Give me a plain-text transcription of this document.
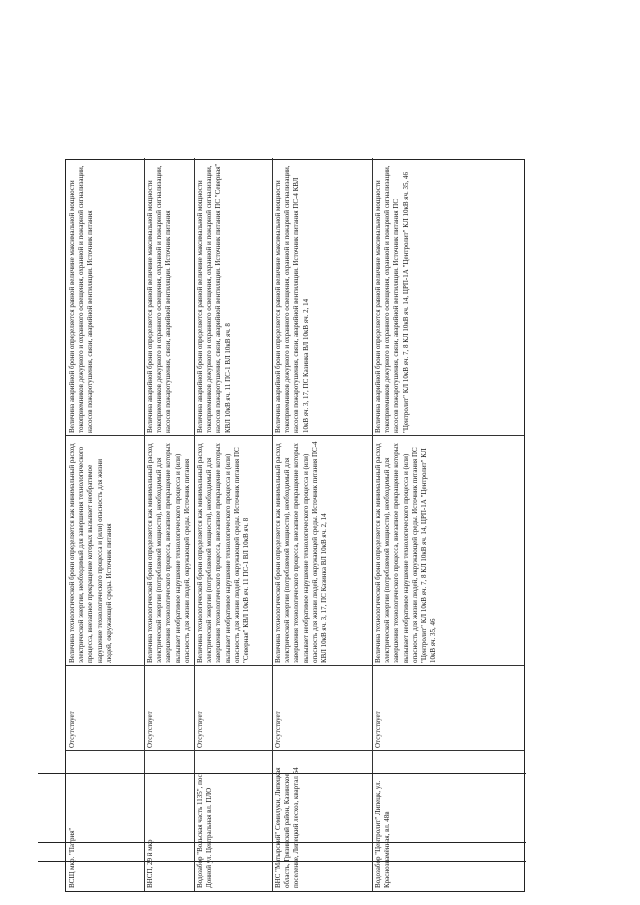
ВСЩ мкр. "Патрия"
Отсутствует
Величина технологической брони определяется как минимальный расход электрической энергии, необходимый для завершения технологического процесса, внезапное прекращение которых вызывает необратимое нарушение технологического процесса и (или) опасность для жизни людей, окружающей среды. Источник питания
Величина аварийной брони определяется равной величине максимальной мощности токоприемников дежурного и охранного освещения, охранной и пожарной сигнализации, насосов пожаротушения, связи, аварийной вентиляции. Источник питания
ВНСП, 29 й мкр
Отсутствует
Величина технологической брони определяется как минимальный расход электрической энергии (потребляемой мощности), необходимый для завершения технологического процесса, внезапное прекращение которых вызывает необратимое нарушение технологического процесса и (или) опасность для жизни людей, окружающей среды. Источник питания
Величина аварийной брони определяется равной величине максимальной мощности токоприемников дежурного и охранного освещения, охранной и пожарной сигнализации, насосов пожаротушения, связи, аварийной вентиляции. Источник питания
Водозабор "Вольская часть 1135", пос. Донной ул. Центральная вл. ПЛО
Отсутствует
Величина технологической брони определяется как минимальный расход электрической энергии (потребляемой мощности), необходимый для завершения технологического процесса, внезапное прекращение которых вызывает необратимое нарушение технологического процесса и (или) опасность для жизни людей, окружающей среды. Источник питания ПС "Северная" КВЛ 10кВ яч. 11 ПС-1 ВЛ 10кВ яч. 8
Величина аварийной брони определяется равной величине максимальной мощности токоприемников дежурного и охранного освещения, охранной и пожарной сигнализации, насосов пожаротушения, связи, аварийной вентиляции. Источник питания ПС "Северная" КВЛ 10кВ яч. 11 ПС-1 ВЛ 10кВ яч. 8
ВНС "Матырский" Семилуки, Липецкая область, Грязинский район, Казинское поселение, Липецкий лесхоз, квартал 54
Отсутствует
Величина технологической брони определяется как минимальный расход электрической энергии (потребляемой мощности), необходимый для завершения технологического процесса, внезапное прекращение которых вызывает необратимое нарушение технологического процесса и (или) опасность для жизни людей, окружающей среды. Источник питания ПС-4 КВЛ 10кВ яч. 3, 17, ПС Казинка ВЛ 10кВ яч. 2, 14
Величина аварийной брони определяется равной величине максимальной мощности токоприемников дежурного и охранного освещения, охранной и пожарной сигнализации, насосов пожаротушения, связи, аварийной вентиляции. Источник питания ПС-4 КВЛ 10кВ яч. 3, 17, ПС Казинка ВЛ 10кВ яч. 2, 14
Водозабор "Центролит" Липецк, ул. Краснознамённая, вл. 48в
Отсутствует
Величина технологической брони определяется как минимальный расход электрической энергии (потребляемой мощности), необходимый для завершения технологического процесса, внезапное прекращение которых вызывает необратимое нарушение технологического процесса и (или) опасность для жизни людей, окружающей среды. Источник питания ПС "Центролит" КЛ 10кВ яч. 7, 8 КЛ 10кВ яч. 14, ЦРП-1А "Центролит" КЛ 10кВ яч. 35, 46
Величина аварийной брони определяется равной величине максимальной мощности токоприемников дежурного и охранного освещения, охранной и пожарной сигнализации, насосов пожаротушения, связи, аварийной вентиляции. Источник питания ПС "Центролит" КЛ 10кВ яч. 7, 8 КЛ 10кВ яч. 14, ЦРП-1А "Центролит" КЛ 10кВ яч. 35, 46
